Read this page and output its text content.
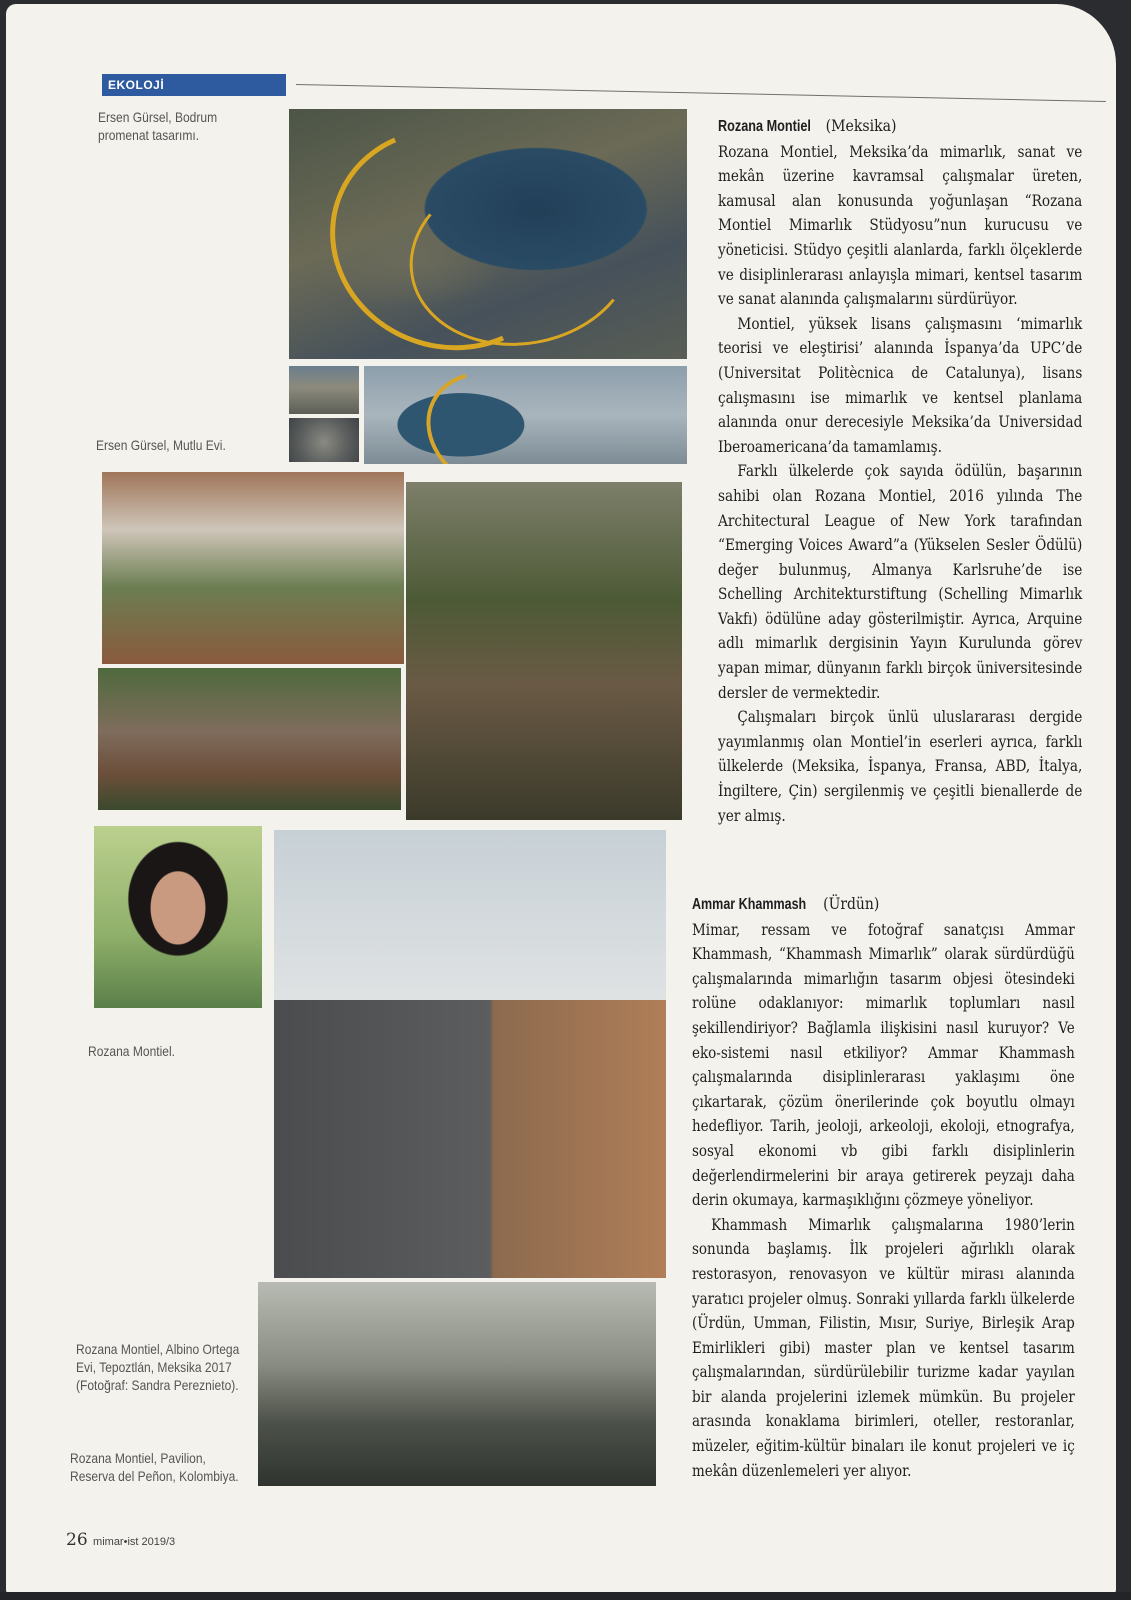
EKOLOJİ
Ersen Gürsel, Bodrum promenat tasarımı.
Ersen Gürsel, Mutlu Evi.
Rozana Montiel.
Rozana Montiel, Albino Ortega Evi, Tepoztlán, Meksika 2017 (Fotoğraf: Sandra Pereznieto).
Rozana Montiel, Pavilion, Reserva del Peñon, Kolombiya.

Rozana Montiel (Meksika)

Rozana Montiel, Meksika’da mimarlık, sanat ve mekân üzerine kavramsal çalışmalar üreten, kamusal alan konusunda yoğunlaşan “Rozana Montiel Mimarlık Stüdyosu”nun kurucusu ve yöneticisi. Stüdyo çeşitli alanlarda, farklı ölçeklerde ve disiplinlerarası anlayışla mimari, kentsel tasarım ve sanat alanında çalışmalarını sürdürüyor.

Montiel, yüksek lisans çalışmasını ‘mimarlık teorisi ve eleştirisi’ alanında İspanya’da UPC’de (Universitat Politècnica de Catalunya), lisans çalışmasını ise mimarlık ve kentsel planlama alanında onur derecesiyle Meksika’da Universidad Iberoamericana’da tamamlamış.

Farklı ülkelerde çok sayıda ödülün, başarının sahibi olan Rozana Montiel, 2016 yılında The Architectural League of New York tarafından “Emerging Voices Award”a (Yükselen Sesler Ödülü) değer bulunmuş, Almanya Karlsruhe’de ise Schelling Architekturstiftung (Schelling Mimarlık Vakfı) ödülüne aday gösterilmiştir. Ayrıca, Arquine adlı mimarlık dergisinin Yayın Kurulunda görev yapan mimar, dünyanın farklı birçok üniversitesinde dersler de vermektedir.

Çalışmaları birçok ünlü uluslararası dergide yayımlanmış olan Montiel’in eserleri ayrıca, farklı ülkelerde (Meksika, İspanya, Fransa, ABD, İtalya, İngiltere, Çin) sergilenmiş ve çeşitli bienallerde de yer almış.

Ammar Khammash (Ürdün)

Mimar, ressam ve fotoğraf sanatçısı Ammar Khammash, “Khammash Mimarlık” olarak sürdürdüğü çalışmalarında mimarlığın tasarım objesi ötesindeki rolüne odaklanıyor: mimarlık toplumları nasıl şekillendiriyor? Bağlamla ilişkisini nasıl kuruyor? Ve eko-sistemi nasıl etkiliyor? Ammar Khammash çalışmalarında disiplinlerarası yaklaşımı öne çıkartarak, çözüm önerilerinde çok boyutlu olmayı hedefliyor. Tarih, jeoloji, arkeoloji, ekoloji, etnografya, sosyal ekonomi vb gibi farklı disiplinlerin değerlendirmelerini bir araya getirerek peyzajı daha derin okumaya, karmaşıklığını çözmeye yöneliyor.

Khammash Mimarlık çalışmalarına 1980’lerin sonunda başlamış. İlk projeleri ağırlıklı olarak restorasyon, renovasyon ve kültür mirası alanında yaratıcı projeler olmuş. Sonraki yıllarda farklı ülkelerde (Ürdün, Umman, Filistin, Mısır, Suriye, Birleşik Arap Emirlikleri gibi) master plan ve kentsel tasarım çalışmalarından, sürdürülebilir turizme kadar yayılan bir alanda projelerini izlemek mümkün. Bu projeler arasında konaklama birimleri, oteller, restoranlar, müzeler, eğitim-kültür binaları ile konut projeleri ve iç mekân düzenlemeleri yer alıyor.

26 mimar•ist 2019/3
